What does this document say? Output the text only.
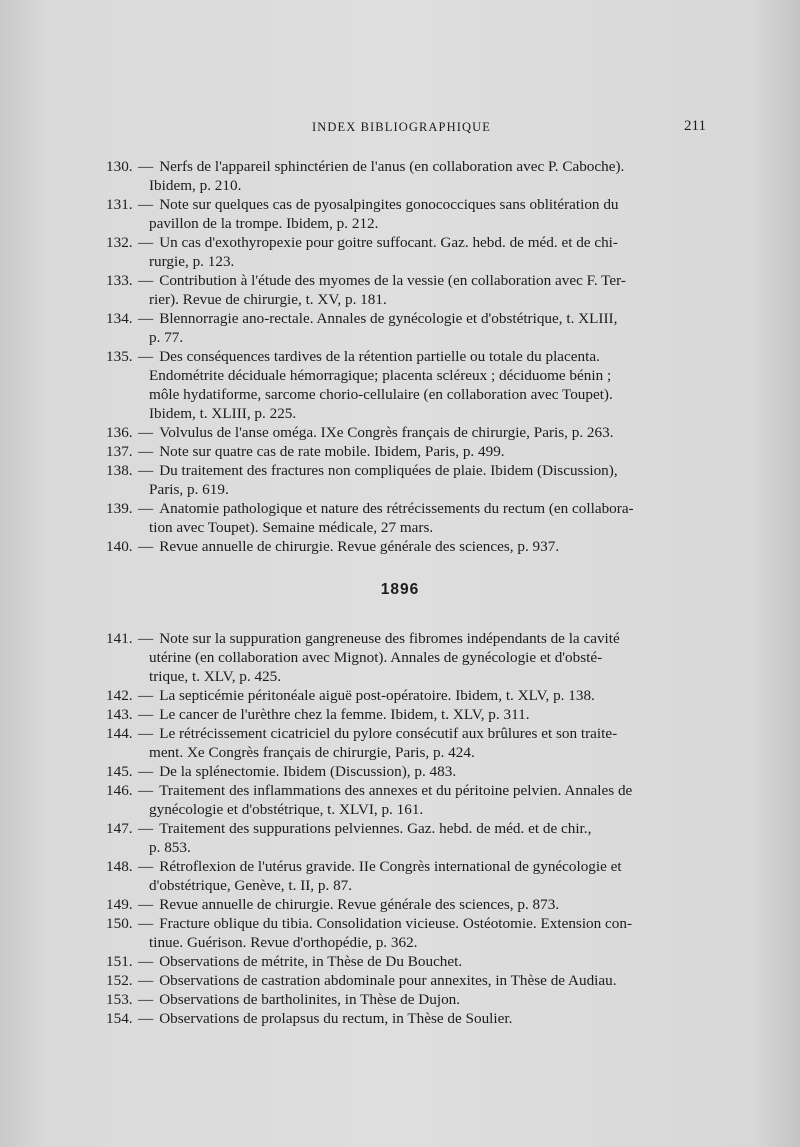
INDEX BIBLIOGRAPHIQUE	211
130. — Nerfs de l'appareil sphinctérien de l'anus (en collaboration avec P. Caboche).
Ibidem, p. 210.
131. — Note sur quelques cas de pyosalpingites gonococciques sans oblitération du
pavillon de la trompe. Ibidem, p. 212.
132. — Un cas d'exothyropexie pour goitre suffocant. Gaz. hebd. de méd. et de chi-
rurgie, p. 123.
133. — Contribution à l'étude des myomes de la vessie (en collaboration avec F. Ter-
rier). Revue de chirurgie, t. XV, p. 181.
134. — Blennorragie ano-rectale. Annales de gynécologie et d'obstétrique, t. XLIII,
p. 77.
135. — Des conséquences tardives de la rétention partielle ou totale du placenta.
Endométrite déciduale hémorragique; placenta scléreux ; déciduome bénin ;
môle hydatiforme, sarcome chorio-cellulaire (en collaboration avec Toupet).
Ibidem, t. XLIII, p. 225.
136. — Volvulus de l'anse oméga. IXe Congrès français de chirurgie, Paris, p. 263.
137. — Note sur quatre cas de rate mobile. Ibidem, Paris, p. 499.
138. — Du traitement des fractures non compliquées de plaie. Ibidem (Discussion),
Paris, p. 619.
139. — Anatomie pathologique et nature des rétrécissements du rectum (en collabora-
tion avec Toupet). Semaine médicale, 27 mars.
140. — Revue annuelle de chirurgie. Revue générale des sciences, p. 937.
1896
141. — Note sur la suppuration gangreneuse des fibromes indépendants de la cavité
utérine (en collaboration avec Mignot). Annales de gynécologie et d'obsté-
trique, t. XLV, p. 425.
142. — La septicémie péritonéale aiguë post-opératoire. Ibidem, t. XLV, p. 138.
143. — Le cancer de l'urèthre chez la femme. Ibidem, t. XLV, p. 311.
144. — Le rétrécissement cicatriciel du pylore consécutif aux brûlures et son traite-
ment. Xe Congrès français de chirurgie, Paris, p. 424.
145. — De la splénectomie. Ibidem (Discussion), p. 483.
146. — Traitement des inflammations des annexes et du péritoine pelvien. Annales de
gynécologie et d'obstétrique, t. XLVI, p. 161.
147. — Traitement des suppurations pelviennes. Gaz. hebd. de méd. et de chir.,
p. 853.
148. — Rétroflexion de l'utérus gravide. IIe Congrès international de gynécologie et
d'obstétrique, Genève, t. II, p. 87.
149. — Revue annuelle de chirurgie. Revue générale des sciences, p. 873.
150. — Fracture oblique du tibia. Consolidation vicieuse. Ostéotomie. Extension con-
tinue. Guérison. Revue d'orthopédie, p. 362.
151. — Observations de métrite, in Thèse de Du Bouchet.
152. — Observations de castration abdominale pour annexites, in Thèse de Audiau.
153. — Observations de bartholinites, in Thèse de Dujon.
154. — Observations de prolapsus du rectum, in Thèse de Soulier.
